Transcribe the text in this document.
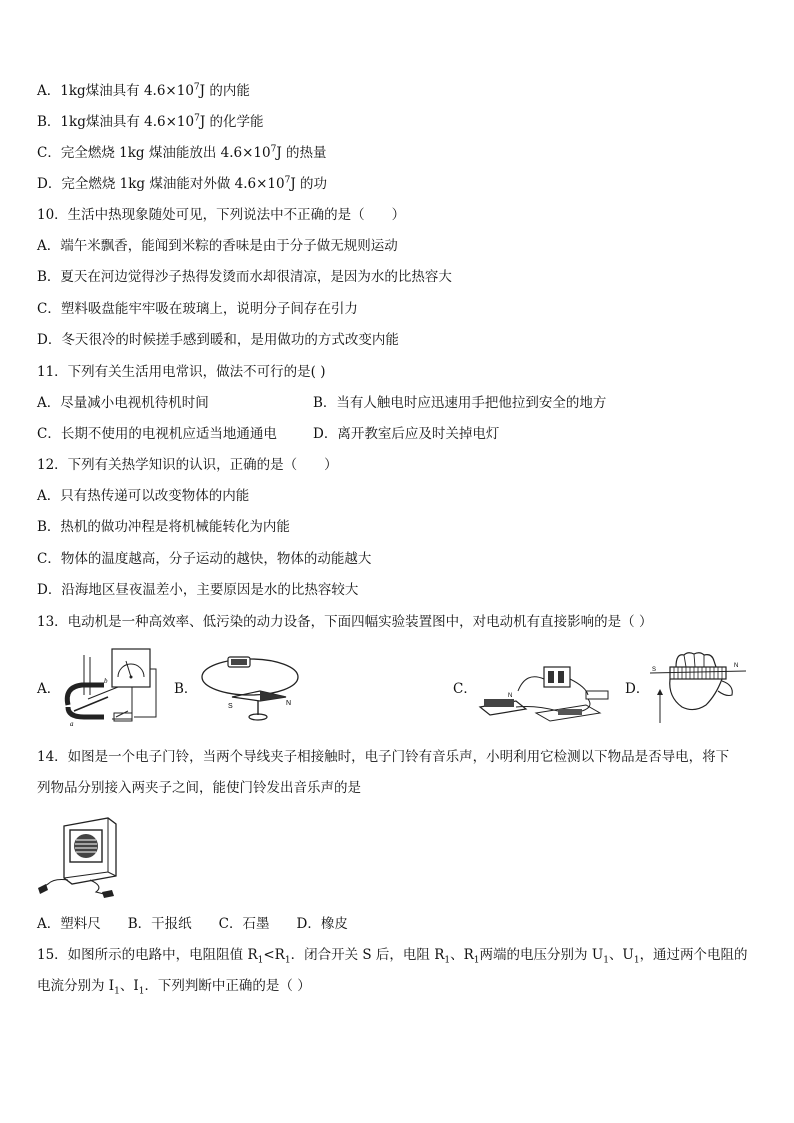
A．1kg煤油具有 $4.6\times 10^7J$ 的内能
B．1kg煤油具有 $4.6\times 10^7J$ 的化学能
C．完全燃烧 1kg 煤油能放出 $4.6\times 10^7J$ 的热量
D．完全燃烧 1kg 煤油能对外做 $4.6\times 10^7J$ 的功
10．生活中热现象随处可见，下列说法中不正确的是（　　）
A．端午米飘香，能闻到米粽的香味是由于分子做无规则运动
B．夏天在河边觉得沙子热得发烫而水却很清凉，是因为水的比热容大
C．塑料吸盘能牢牢吸在玻璃上，说明分子间存在引力
D．冬天很冷的时候搓手感到暖和，是用做功的方式改变内能
11．下列有关生活用电常识，做法不可行的是( )
A．尽量减小电视机待机时间	B．当有人触电时应迅速用手把他拉到安全的地方
C．长期不使用的电视机应适当地通通电	D．离开教室后应及时关掉电灯
12．下列有关热学知识的认识，正确的是（　　）
A．只有热传递可以改变物体的内能
B．热机的做功冲程是将机械能转化为内能
C．物体的温度越高，分子运动的越快，物体的动能越大
D．沿海地区昼夜温差小，主要原因是水的比热容较大
13．电动机是一种高效率、低污染的动力设备，下面四幅实验装置图中，对电动机有直接影响的是（ ）
A．
a
b	B．
S	N
C．	N	D．
S
N
14．如图是一个电子门铃，当两个导线夹子相接触时，电子门铃有音乐声，小明利用它检测以下物品是否导电，将下
列物品分别接入两夹子之间，能使门铃发出音乐声的是
A．塑料尺　　B．干报纸　　C．石墨　　D．橡皮
15．如图所示的电路中，电阻阻值 $R_1<R_1$．闭合开关 S 后，电阻 $R_1$、$R_1$两端的电压分别为 $U_1$、$U_1$，通过两个电阻的
电流分别为 $I_1$、$I_1$．下列判断中正确的是（ ）
